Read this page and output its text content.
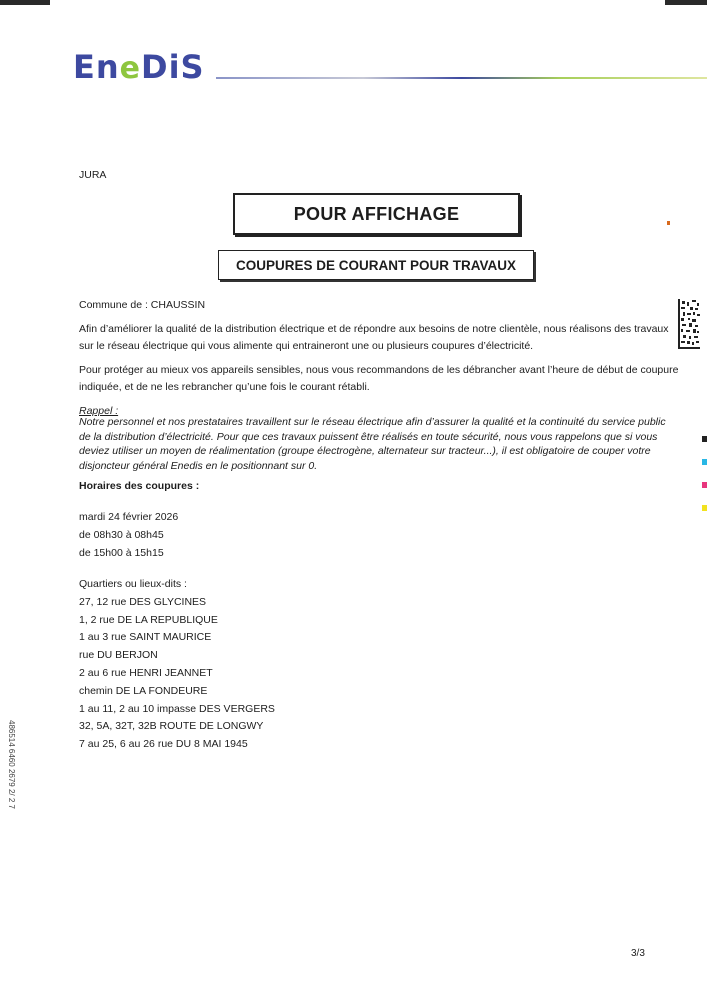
EneDiS
JURA
POUR AFFICHAGE
COUPURES DE COURANT POUR TRAVAUX
Commune de : CHAUSSIN
Afin d’améliorer la qualité de la distribution électrique et de répondre aux besoins de notre clientèle, nous réalisons des travaux sur le réseau électrique qui vous alimente qui entraineront une ou plusieurs coupures d’électricité.
Pour protéger au mieux vos appareils sensibles, nous vous recommandons de les débrancher avant l’heure de début de coupure indiquée, et de ne les rebrancher qu’une fois le courant rétabli.
Rappel :
Notre personnel et nos prestataires travaillent sur le réseau électrique afin d’assurer la qualité et la continuité du service public de la distribution d’électricité. Pour que ces travaux puissent être réalisés en toute sécurité, nous vous rappelons que si vous deviez utiliser un moyen de réalimentation (groupe électrogène, alternateur sur tracteur...), il est obligatoire de couper votre disjoncteur général Enedis en le positionnant sur 0.
Horaires des coupures :
mardi 24 février 2026
de 08h30 à 08h45
de 15h00 à 15h15
Quartiers ou lieux-dits :
27, 12 rue DES GLYCINES
1, 2 rue DE LA REPUBLIQUE
1 au 3 rue SAINT MAURICE
rue DU BERJON
2 au 6 rue HENRI JEANNET
chemin DE LA FONDEURE
1 au 11, 2 au 10 impasse DES VERGERS
32, 5A, 32T, 32B ROUTE DE LONGWY
7 au 25, 6 au 26 rue DU 8 MAI 1945
3/3
486514 6460 2679 2/ 2 7
